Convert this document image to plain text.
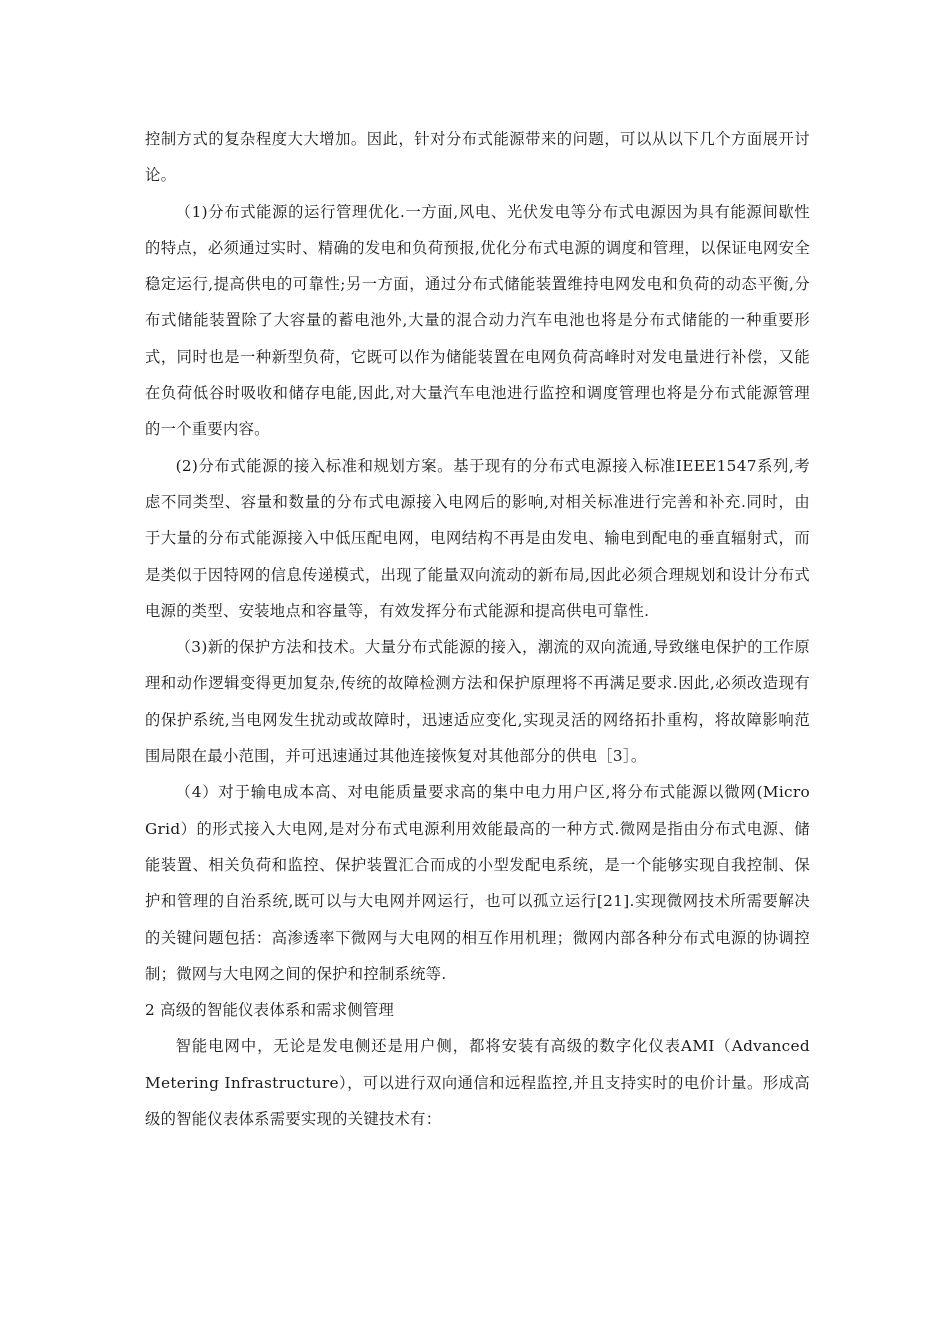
控制方式的复杂程度大大增加。因此，针对分布式能源带来的问题，可以从以下几个方面展开讨论。

（1)分布式能源的运行管理优化.一方面,风电、光伏发电等分布式电源因为具有能源间歇性的特点，必须通过实时、精确的发电和负荷预报,优化分布式电源的调度和管理，以保证电网安全稳定运行,提高供电的可靠性;另一方面，通过分布式储能装置维持电网发电和负荷的动态平衡,分布式储能装置除了大容量的蓄电池外,大量的混合动力汽车电池也将是分布式储能的一种重要形式，同时也是一种新型负荷，它既可以作为储能装置在电网负荷高峰时对发电量进行补偿，又能在负荷低谷时吸收和储存电能,因此,对大量汽车电池进行监控和调度管理也将是分布式能源管理的一个重要内容。

(2)分布式能源的接入标准和规划方案。基于现有的分布式电源接入标准IEEE1547系列,考虑不同类型、容量和数量的分布式电源接入电网后的影响,对相关标准进行完善和补充.同时，由于大量的分布式能源接入中低压配电网，电网结构不再是由发电、输电到配电的垂直辐射式，而是类似于因特网的信息传递模式，出现了能量双向流动的新布局,因此必须合理规划和设计分布式电源的类型、安装地点和容量等，有效发挥分布式能源和提高供电可靠性.

（3)新的保护方法和技术。大量分布式能源的接入，潮流的双向流通,导致继电保护的工作原理和动作逻辑变得更加复杂,传统的故障检测方法和保护原理将不再满足要求.因此,必须改造现有的保护系统,当电网发生扰动或故障时，迅速适应变化,实现灵活的网络拓扑重构，将故障影响范围局限在最小范围，并可迅速通过其他连接恢复对其他部分的供电［3］。

（4）对于输电成本高、对电能质量要求高的集中电力用户区,将分布式能源以微网(Micro Grid）的形式接入大电网,是对分布式电源利用效能最高的一种方式.微网是指由分布式电源、储能装置、相关负荷和监控、保护装置汇合而成的小型发配电系统，是一个能够实现自我控制、保护和管理的自治系统,既可以与大电网并网运行，也可以孤立运行[21].实现微网技术所需要解决的关键问题包括：高渗透率下微网与大电网的相互作用机理；微网内部各种分布式电源的协调控制；微网与大电网之间的保护和控制系统等.

2 高级的智能仪表体系和需求侧管理

智能电网中，无论是发电侧还是用户侧，都将安装有高级的数字化仪表AMI（Advanced Metering Infrastructure），可以进行双向通信和远程监控,并且支持实时的电价计量。形成高级的智能仪表体系需要实现的关键技术有：
